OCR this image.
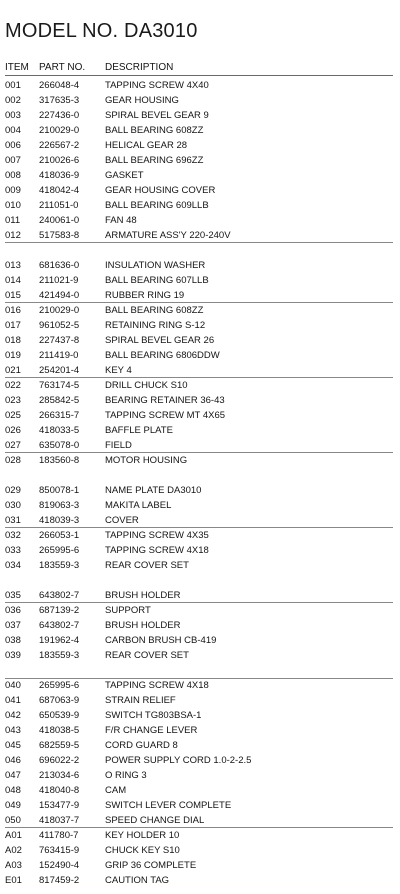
MODEL NO. DA3010
ITEM PART NO. DESCRIPTION
001 266048-4	TAPPING SCREW 4X40
002 317635-3	GEAR HOUSING
003 227436-0	SPIRAL BEVEL GEAR 9
004 210029-0	BALL BEARING 608ZZ
006 226567-2	HELICAL GEAR 28
007 210026-6	BALL BEARING 696ZZ
008 418036-9	GASKET
009 418042-4	GEAR HOUSING COVER
010 211051-0	BALL BEARING 609LLB
011 240061-0	FAN 48
012 517583-8	ARMATURE ASS'Y 220-240V
013 681636-0	INSULATION WASHER
014 211021-9	BALL BEARING 607LLB
015 421494-0	RUBBER RING 19
016 210029-0	BALL BEARING 608ZZ
017 961052-5	RETAINING RING S-12
018 227437-8	SPIRAL BEVEL GEAR 26
019 211419-0	BALL BEARING 6806DDW
021 254201-4	KEY 4
022 763174-5	DRILL CHUCK S10
023 285842-5	BEARING RETAINER 36-43
025 266315-7	TAPPING SCREW MT 4X65
026 418033-5	BAFFLE PLATE
027 635078-0	FIELD
028 183560-8	MOTOR HOUSING
029 850078-1	NAME PLATE DA3010
030 819063-3	MAKITA LABEL
031 418039-3	COVER
032 266053-1	TAPPING SCREW 4X35
033 265995-6	TAPPING SCREW 4X18
034 183559-3	REAR COVER SET
035 643802-7	BRUSH HOLDER
036 687139-2	SUPPORT
037 643802-7	BRUSH HOLDER
038 191962-4	CARBON BRUSH CB-419
039 183559-3	REAR COVER SET
040 265995-6	TAPPING SCREW 4X18
041 687063-9	STRAIN RELIEF
042 650539-9	SWITCH TG803BSA-1
043 418038-5	F/R CHANGE LEVER
045 682559-5	CORD GUARD 8
046 696022-2	POWER SUPPLY CORD 1.0-2-2.5
047 213034-6	O RING 3
048 418040-8	CAM
049 153477-9	SWITCH LEVER COMPLETE
050 418037-7	SPEED CHANGE DIAL
A01 411780-7	KEY HOLDER 10
A02 763415-9	CHUCK KEY S10
A03 152490-4	GRIP 36 COMPLETE
E01 817459-2	CAUTION TAG
